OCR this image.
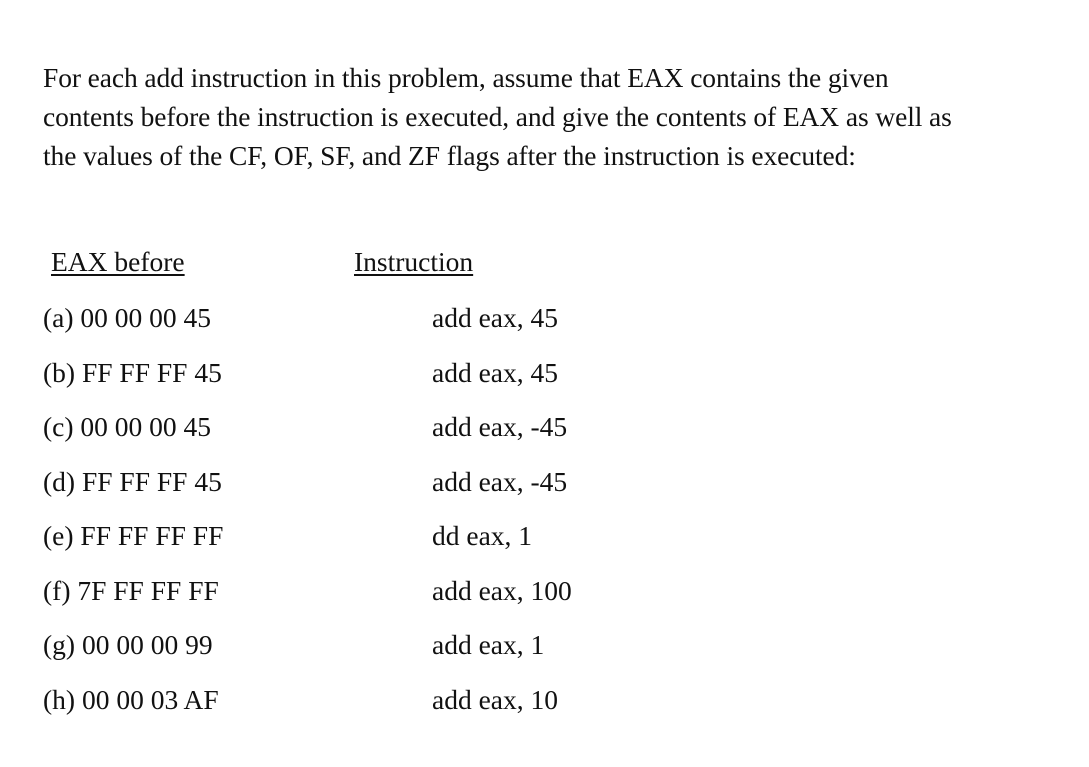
For each add instruction in this problem, assume that EAX contains the given
contents before the instruction is executed, and give the contents of EAX as well as
the values of the CF, OF, SF, and ZF flags after the instruction is executed:

EAX before	Instruction
(a) 00 00 00 45	add eax, 45
(b) FF FF FF 45	add eax, 45
(c) 00 00 00 45	add eax, -45
(d) FF FF FF 45	add eax, -45
(e) FF FF FF FF	dd eax, 1
(f) 7F FF FF FF	add eax, 100
(g) 00 00 00 99	add eax, 1
(h) 00 00 03 AF	add eax, 10
